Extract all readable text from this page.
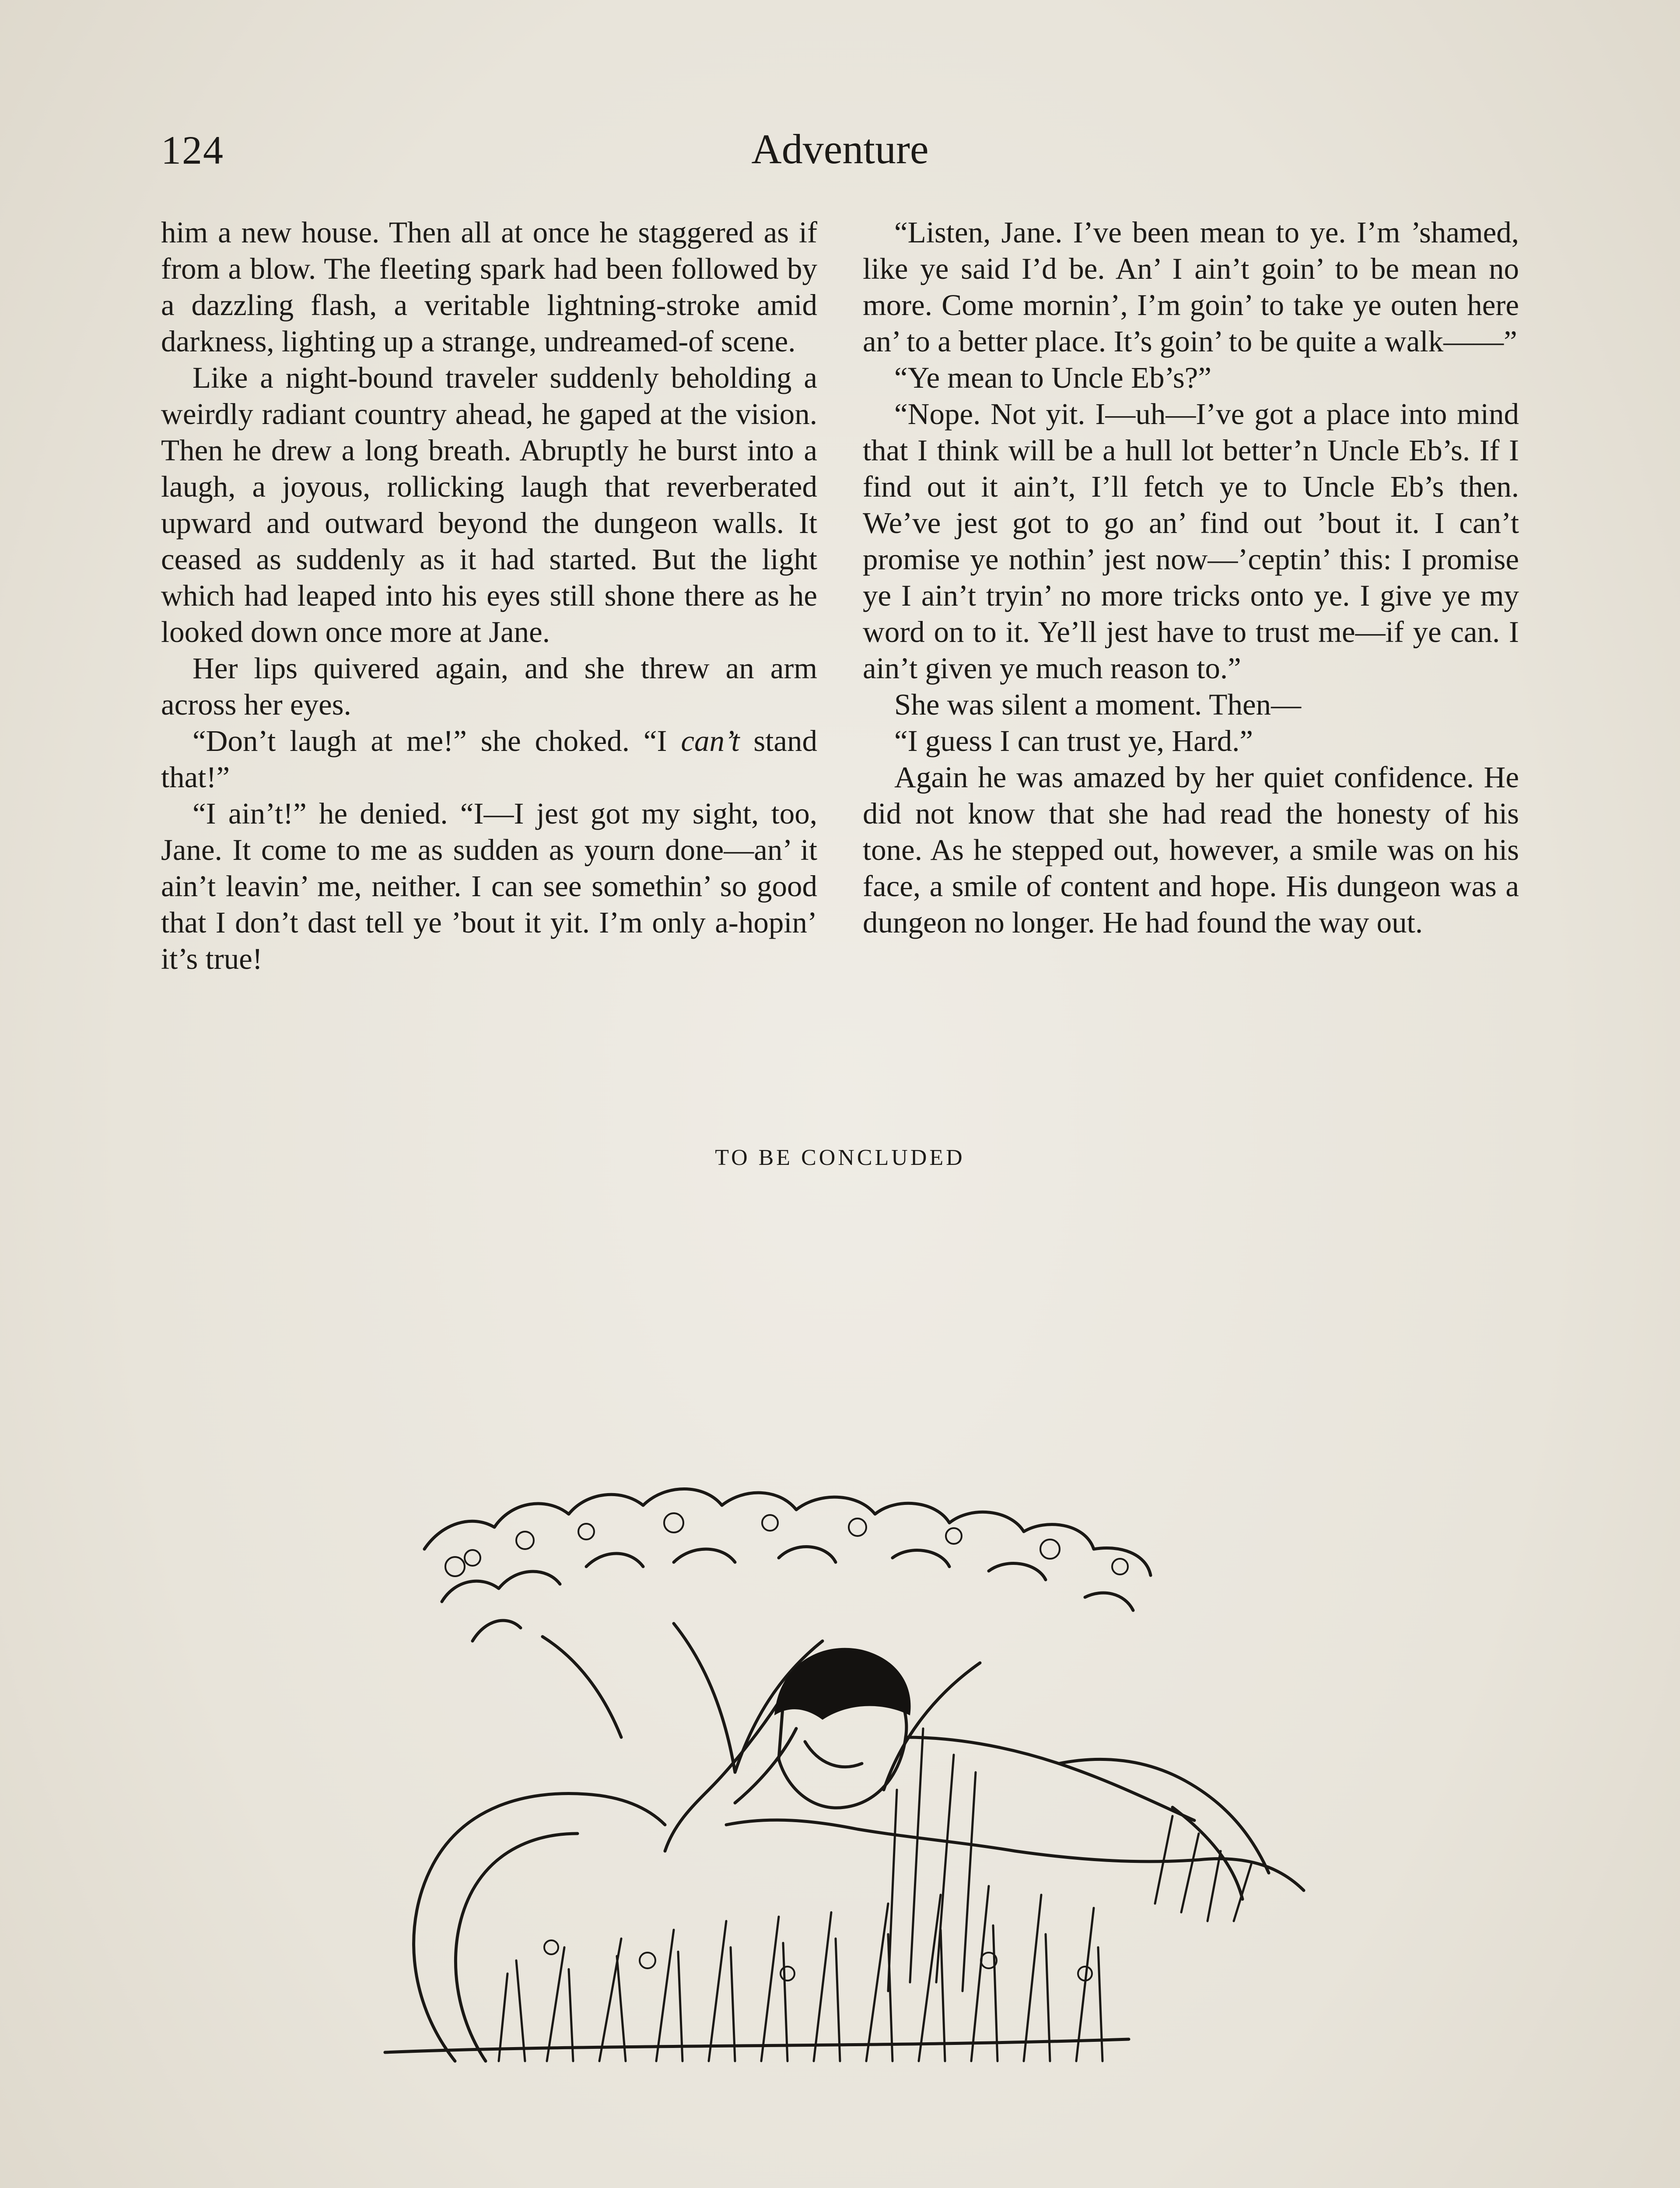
124	Adventure

him a new house. Then all at once he staggered as if from a blow. The fleeting spark had been followed by a dazzling flash, a veritable lightning-stroke amid darkness, lighting up a strange, undreamed-of scene.

Like a night-bound traveler suddenly beholding a weirdly radiant country ahead, he gaped at the vision. Then he drew a long breath. Abruptly he burst into a laugh, a joyous, rollicking laugh that reverberated upward and outward beyond the dungeon walls. It ceased as suddenly as it had started. But the light which had leaped into his eyes still shone there as he looked down once more at Jane.

Her lips quivered again, and she threw an arm across her eyes.

“Don’t laugh at me!” she choked. “I can’t stand that!”

“I ain’t!” he denied. “I—I jest got my sight, too, Jane. It come to me as sudden as yourn done—an’ it ain’t leavin’ me, neither. I can see somethin’ so good that I don’t dast tell ye ’bout it yit. I’m only a-hopin’ it’s true!

“Listen, Jane. I’ve been mean to ye. I’m ’shamed, like ye said I’d be. An’ I ain’t goin’ to be mean no more. Come mornin’, I’m goin’ to take ye outen here an’ to a better place. It’s goin’ to be quite a walk——”

“Ye mean to Uncle Eb’s?”

“Nope. Not yit. I—uh—I’ve got a place into mind that I think will be a hull lot better’n Uncle Eb’s. If I find out it ain’t, I’ll fetch ye to Uncle Eb’s then. We’ve jest got to go an’ find out ’bout it. I can’t promise ye nothin’ jest now—’ceptin’ this: I promise ye I ain’t tryin’ no more tricks onto ye. I give ye my word on to it. Ye’ll jest have to trust me—if ye can. I ain’t given ye much reason to.”

She was silent a moment. Then—

“I guess I can trust ye, Hard.”

Again he was amazed by her quiet confidence. He did not know that she had read the honesty of his tone. As he stepped out, however, a smile was on his face, a smile of content and hope. His dungeon was a dungeon no longer. He had found the way out.

TO BE CONCLUDED
